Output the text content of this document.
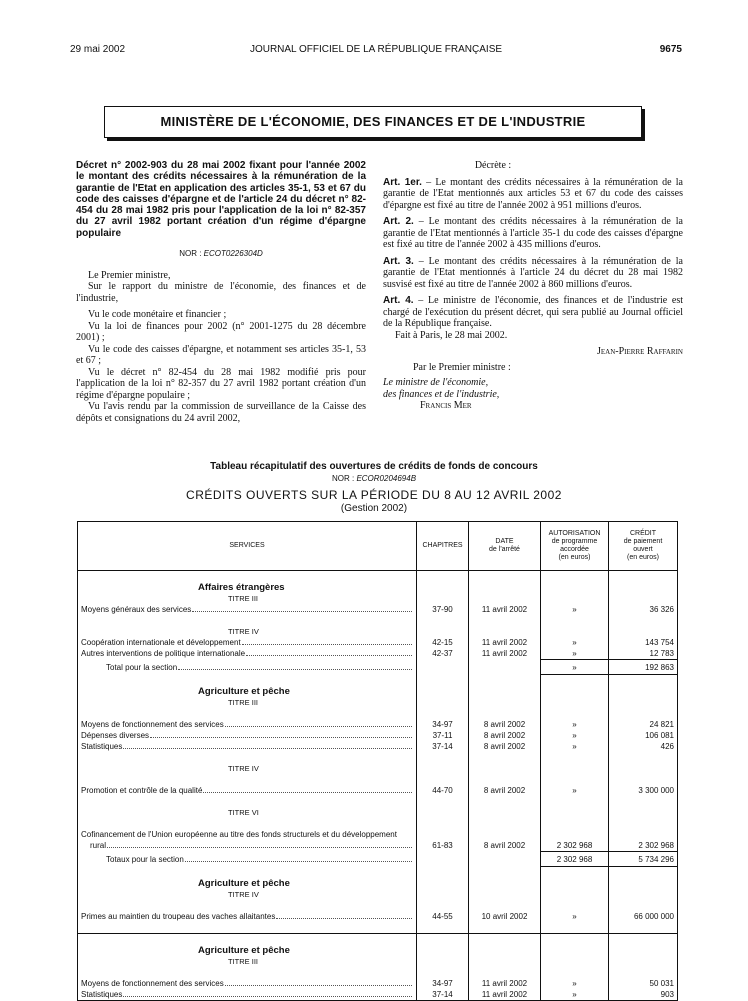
29 mai 2002	JOURNAL OFFICIEL DE LA RÉPUBLIQUE FRANÇAISE	9675
MINISTÈRE DE L'ÉCONOMIE, DES FINANCES ET DE L'INDUSTRIE
Décret n° 2002-903 du 28 mai 2002 fixant pour l'année 2002 le montant des crédits nécessaires à la rémunération de la garantie de l'Etat en application des articles 35-1, 53 et 67 du code des caisses d'épargne et de l'article 24 du décret n° 82-454 du 28 mai 1982 pris pour l'application de la loi n° 82-357 du 27 avril 1982 portant création d'un régime d'épargne populaire
NOR : ECOT0226304D

Le Premier ministre,

Sur le rapport du ministre de l'économie, des finances et de l'industrie,

Vu le code monétaire et financier ;

Vu la loi de finances pour 2002 (n° 2001-1275 du 28 décembre 2001) ;

Vu le code des caisses d'épargne, et notamment ses articles 35-1, 53 et 67 ;

Vu le décret n° 82-454 du 28 mai 1982 modifié pris pour l'application de la loi n° 82-357 du 27 avril 1982 portant création d'un régime d'épargne populaire ;

Vu l'avis rendu par la commission de surveillance de la Caisse des dépôts et consignations du 24 avril 2002,

Décrète :

Art. 1er. – Le montant des crédits nécessaires à la rémunération de la garantie de l'Etat mentionnés aux articles 53 et 67 du code des caisses d'épargne est fixé au titre de l'année 2002 à 951 millions d'euros.

Art. 2. – Le montant des crédits nécessaires à la rémunération de la garantie de l'Etat mentionnés à l'article 35-1 du code des caisses d'épargne est fixé au titre de l'année 2002 à 435 millions d'euros.

Art. 3. – Le montant des crédits nécessaires à la rémunération de la garantie de l'Etat mentionnés à l'article 24 du décret du 28 mai 1982 susvisé est fixé au titre de l'année 2002 à 860 millions d'euros.

Art. 4. – Le ministre de l'économie, des finances et de l'industrie est chargé de l'exécution du présent décret, qui sera publié au Journal officiel de la République française.

Fait à Paris, le 28 mai 2002.

Jean-Pierre Raffarin

Par le Premier ministre :

Le ministre de l'économie,

des finances et de l'industrie,

Francis Mer

Tableau récapitulatif des ouvertures de crédits de fonds de concours
NOR : ECOR0204694B
CRÉDITS OUVERTS SUR LA PÉRIODE DU 8 AU 12 AVRIL 2002
(Gestion 2002)
SERVICES	CHAPITRES	DATE
de l'arrêté	AUTORISATION
de programme
accordée
(en euros)	CRÉDIT
de paiement
ouvert
(en euros)

Affaires étrangères				
TITRE III				

Moyens généraux des services	37-90	11 avril 2002	»	36 326

TITRE IV				

Coopération internationale et développement	42-15	11 avril 2002	»	143 754

Autres interventions de politique internationale	42-37	11 avril 2002	»	12 783

Total pour la section			»	192 863

Agriculture et pêche				
TITRE III				

Moyens de fonctionnement des services	34-97	8 avril 2002	»	24 821

Dépenses diverses	37-11	8 avril 2002	»	106 081

Statistiques	37-14	8 avril 2002	»	426

TITRE IV				

Promotion et contrôle de la qualité	44-70	8 avril 2002	»	3 300 000

TITRE VI				

Cofinancement de l'Union européenne au titre des fonds structurels et du développement				

rural	61-83	8 avril 2002	2 302 968	2 302 968

Totaux pour la section			2 302 968	5 734 296

Agriculture et pêche				
TITRE IV				

Primes au maintien du troupeau des vaches allaitantes	44-55	10 avril 2002	»	66 000 000

Agriculture et pêche				
TITRE III				

Moyens de fonctionnement des services	34-97	11 avril 2002	»	50 031

Statistiques	37-14	11 avril 2002	»	903
